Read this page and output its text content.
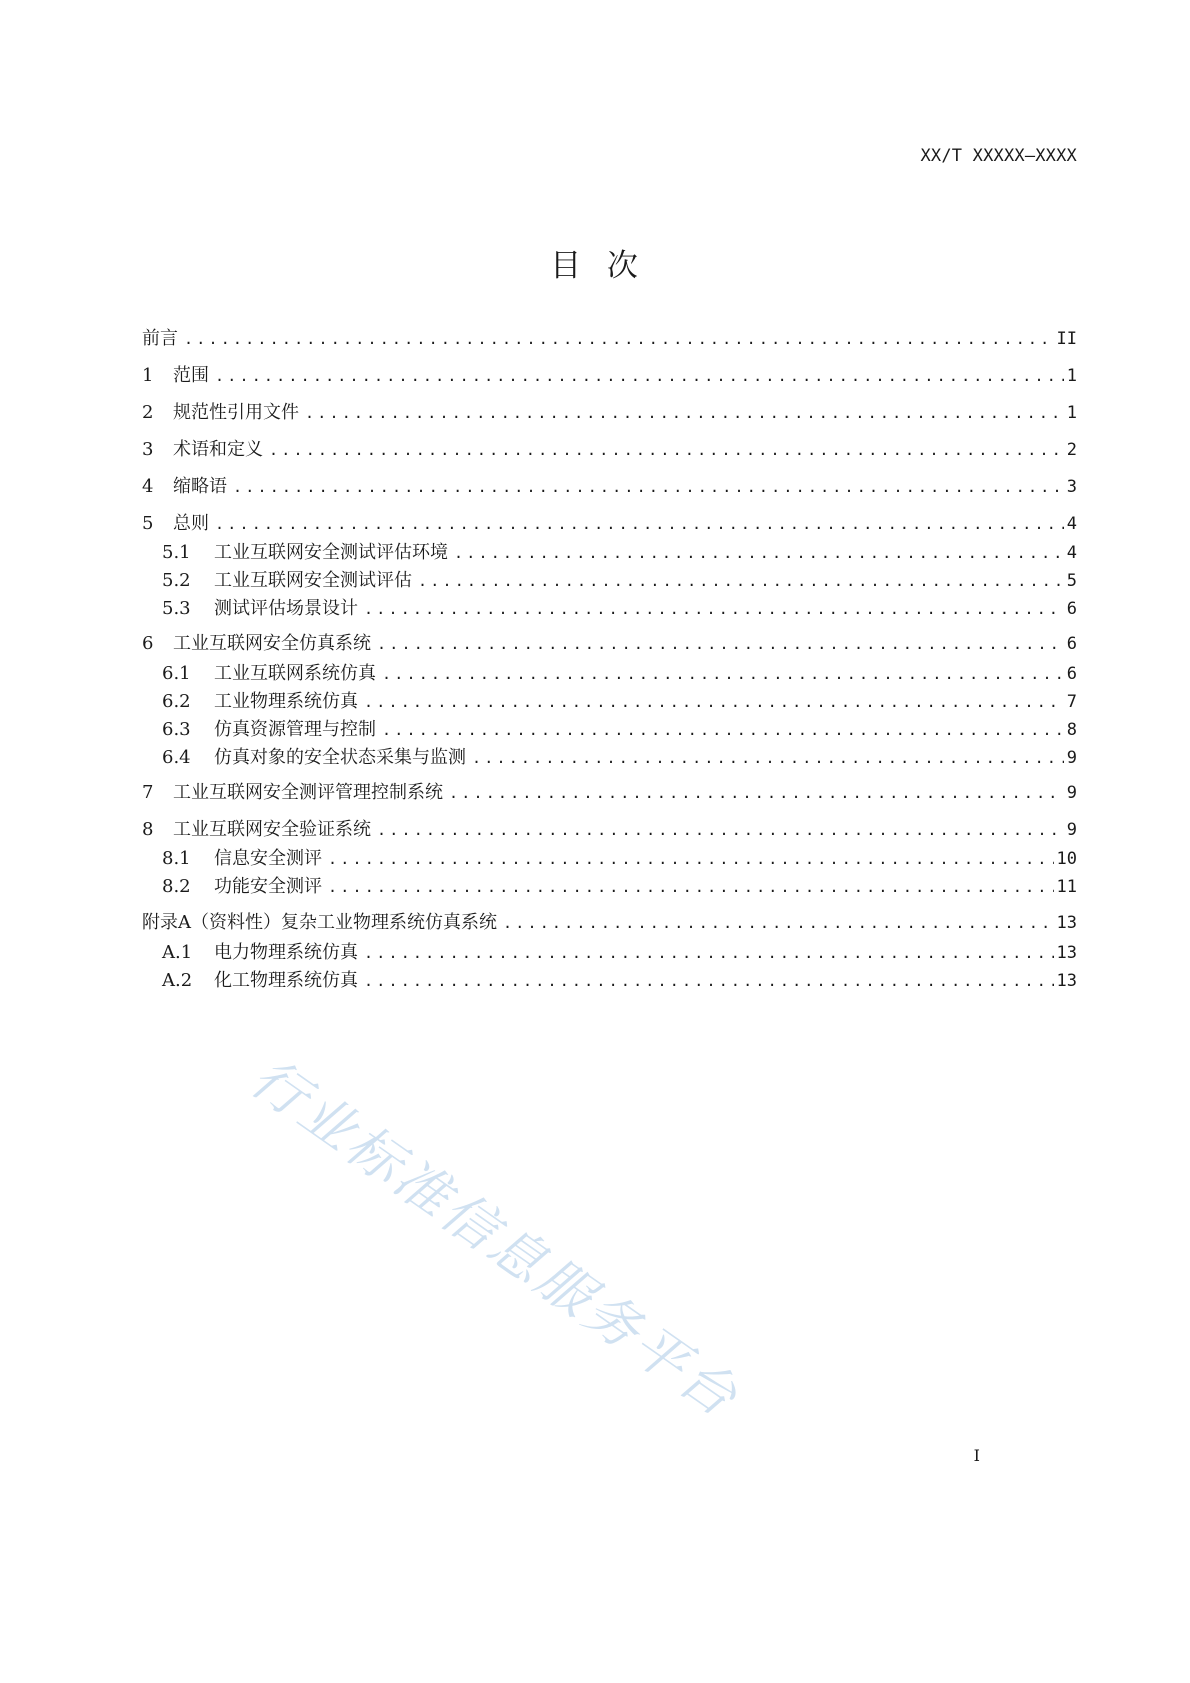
XX/T XXXXX—XXXX
目  次
前言 .....	II
1	范围 .....	1
2	规范性引用文件 .....	1
3	术语和定义 .....	2
4	缩略语 .....	3
5	总则 .....	4
5.1	工业互联网安全测试评估环境 .....	4
5.2	工业互联网安全测试评估 .....	5
5.3	测试评估场景设计 .....	6
6	工业互联网安全仿真系统 .....	6
6.1	工业互联网系统仿真 .....	6
6.2	工业物理系统仿真 .....	7
6.3	仿真资源管理与控制 .....	8
6.4	仿真对象的安全状态采集与监测 .....	9
7	工业互联网安全测评管理控制系统 .....	9
8	工业互联网安全验证系统 .....	9
8.1	信息安全测评 .....	10
8.2	功能安全测评 .....	11
附录A（资料性）复杂工业物理系统仿真系统 .....	13
A.1	电力物理系统仿真 .....	13
A.2	化工物理系统仿真 .....	13
行业标准信息服务平台
I
